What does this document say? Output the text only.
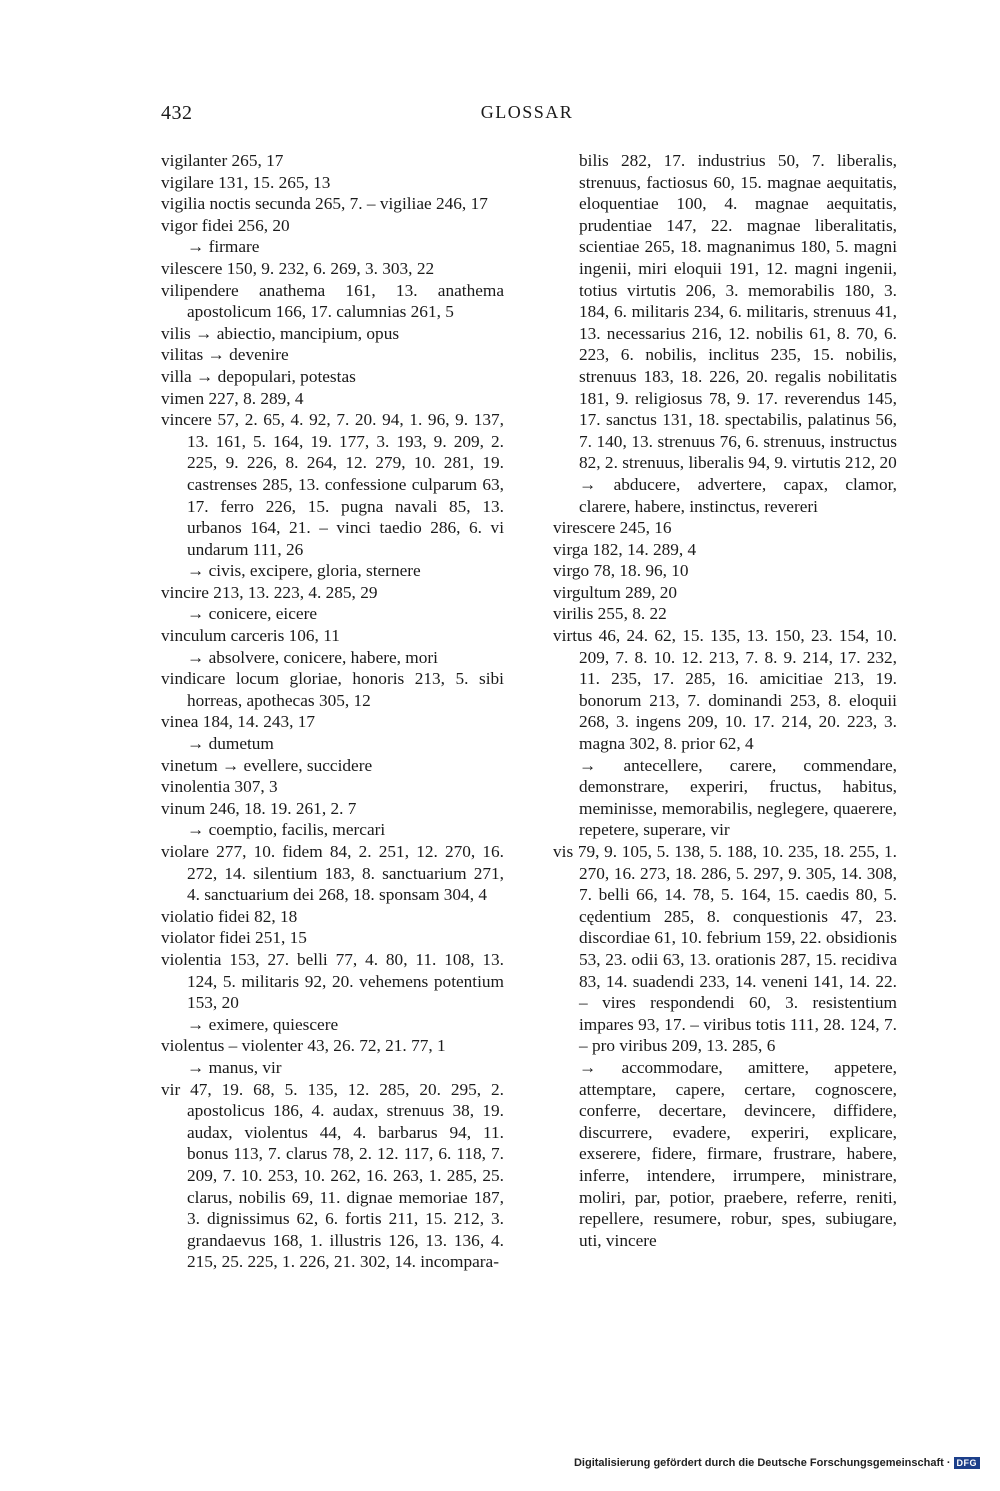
432	GLOSSAR

vigilanter 265, 17

vigilare 131, 15. 265, 13

vigilia noctis secunda 265, 7. – vigiliae 246, 17

vigor fidei 256, 20

→ firmare

vilescere 150, 9. 232, 6. 269, 3. 303, 22

vilipendere anathema 161, 13. anathema apostolicum 166, 17. calumnias 261, 5

vilis → abiectio, mancipium, opus

vilitas → devenire

villa → depopulari, potestas

vimen 227, 8. 289, 4

vincere 57, 2. 65, 4. 92, 7. 20. 94, 1. 96, 9. 137, 13. 161, 5. 164, 19. 177, 3. 193, 9. 209, 2. 225, 9. 226, 8. 264, 12. 279, 10. 281, 19. castrenses 285, 13. confessione culparum 63, 17. ferro 226, 15. pugna navali 85, 13. urbanos 164, 21. – vinci taedio 286, 6. vi undarum 111, 26

→ civis, excipere, gloria, sternere

vincire 213, 13. 223, 4. 285, 29

→ conicere, eicere

vinculum carceris 106, 11

→ absolvere, conicere, habere, mori

vindicare locum gloriae, honoris 213, 5. sibi horreas, apothecas 305, 12

vinea 184, 14. 243, 17

→ dumetum

vinetum → evellere, succidere

vinolentia 307, 3

vinum 246, 18. 19. 261, 2. 7

→ coemptio, facilis, mercari

violare 277, 10. fidem 84, 2. 251, 12. 270, 16. 272, 14. silentium 183, 8. sanctuarium 271, 4. sanctuarium dei 268, 18. sponsam 304, 4

violatio fidei 82, 18

violator fidei 251, 15

violentia 153, 27. belli 77, 4. 80, 11. 108, 13. 124, 5. militaris 92, 20. vehemens potentium 153, 20

→ eximere, quiescere

violentus – violenter 43, 26. 72, 21. 77, 1

→ manus, vir

vir 47, 19. 68, 5. 135, 12. 285, 20. 295, 2. apostolicus 186, 4. audax, strenuus 38, 19. audax, violentus 44, 4. barbarus 94, 11. bonus 113, 7. clarus 78, 2. 12. 117, 6. 118, 7. 209, 7. 10. 253, 10. 262, 16. 263, 1. 285, 25. clarus, nobilis 69, 11. dignae memoriae 187, 3. dignissimus 62, 6. fortis 211, 15. 212, 3. grandaevus 168, 1. illustris 126, 13. 136, 4. 215, 25. 225, 1. 226, 21. 302, 14. incompara-

bilis 282, 17. industrius 50, 7. liberalis, strenuus, factiosus 60, 15. magnae aequitatis, eloquentiae 100, 4. magnae aequitatis, prudentiae 147, 22. magnae liberalitatis, scientiae 265, 18. magnanimus 180, 5. magni ingenii, miri eloquii 191, 12. magni ingenii, totius virtutis 206, 3. memorabilis 180, 3. 184, 6. militaris 234, 6. militaris, strenuus 41, 13. necessarius 216, 12. nobilis 61, 8. 70, 6. 223, 6. nobilis, inclitus 235, 15. nobilis, strenuus 183, 18. 226, 20. regalis nobilitatis 181, 9. religiosus 78, 9. 17. reverendus 145, 17. sanctus 131, 18. spectabilis, palatinus 56, 7. 140, 13. strenuus 76, 6. strenuus, instructus 82, 2. strenuus, liberalis 94, 9. virtutis 212, 20

→ abducere, advertere, capax, clamor, clarere, habere, instinctus, revereri

virescere 245, 16

virga 182, 14. 289, 4

virgo 78, 18. 96, 10

virgultum 289, 20

virilis 255, 8. 22

virtus 46, 24. 62, 15. 135, 13. 150, 23. 154, 10. 209, 7. 8. 10. 12. 213, 7. 8. 9. 214, 17. 232, 11. 235, 17. 285, 16. amicitiae 213, 19. bonorum 213, 7. dominandi 253, 8. eloquii 268, 3. ingens 209, 10. 17. 214, 20. 223, 3. magna 302, 8. prior 62, 4

→ antecellere, carere, commendare, demonstrare, experiri, fructus, habitus, meminisse, memorabilis, neglegere, quaerere, repetere, superare, vir

vis 79, 9. 105, 5. 138, 5. 188, 10. 235, 18. 255, 1. 270, 16. 273, 18. 286, 5. 297, 9. 305, 14. 308, 7. belli 66, 14. 78, 5. 164, 15. caedis 80, 5. cędentium 285, 8. conquestionis 47, 23. discordiae 61, 10. febrium 159, 22. obsidionis 53, 23. odii 63, 13. orationis 287, 15. recidiva 83, 14. suadendi 233, 14. veneni 141, 14. 22. – vires respondendi 60, 3. resistentium impares 93, 17. – viribus totis 111, 28. 124, 7. – pro viribus 209, 13. 285, 6

→ accommodare, amittere, appetere, attemptare, capere, certare, cognoscere, conferre, decertare, devincere, diffidere, discurrere, evadere, experiri, explicare, exserere, fidere, firmare, frustrare, habere, inferre, intendere, irrumpere, ministrare, moliri, par, potior, praebere, referre, reniti, repellere, resumere, robur, spes, subiugare, uti, vincere

Digitalisierung gefördert durch die Deutsche Forschungsgemeinschaft · DFG
